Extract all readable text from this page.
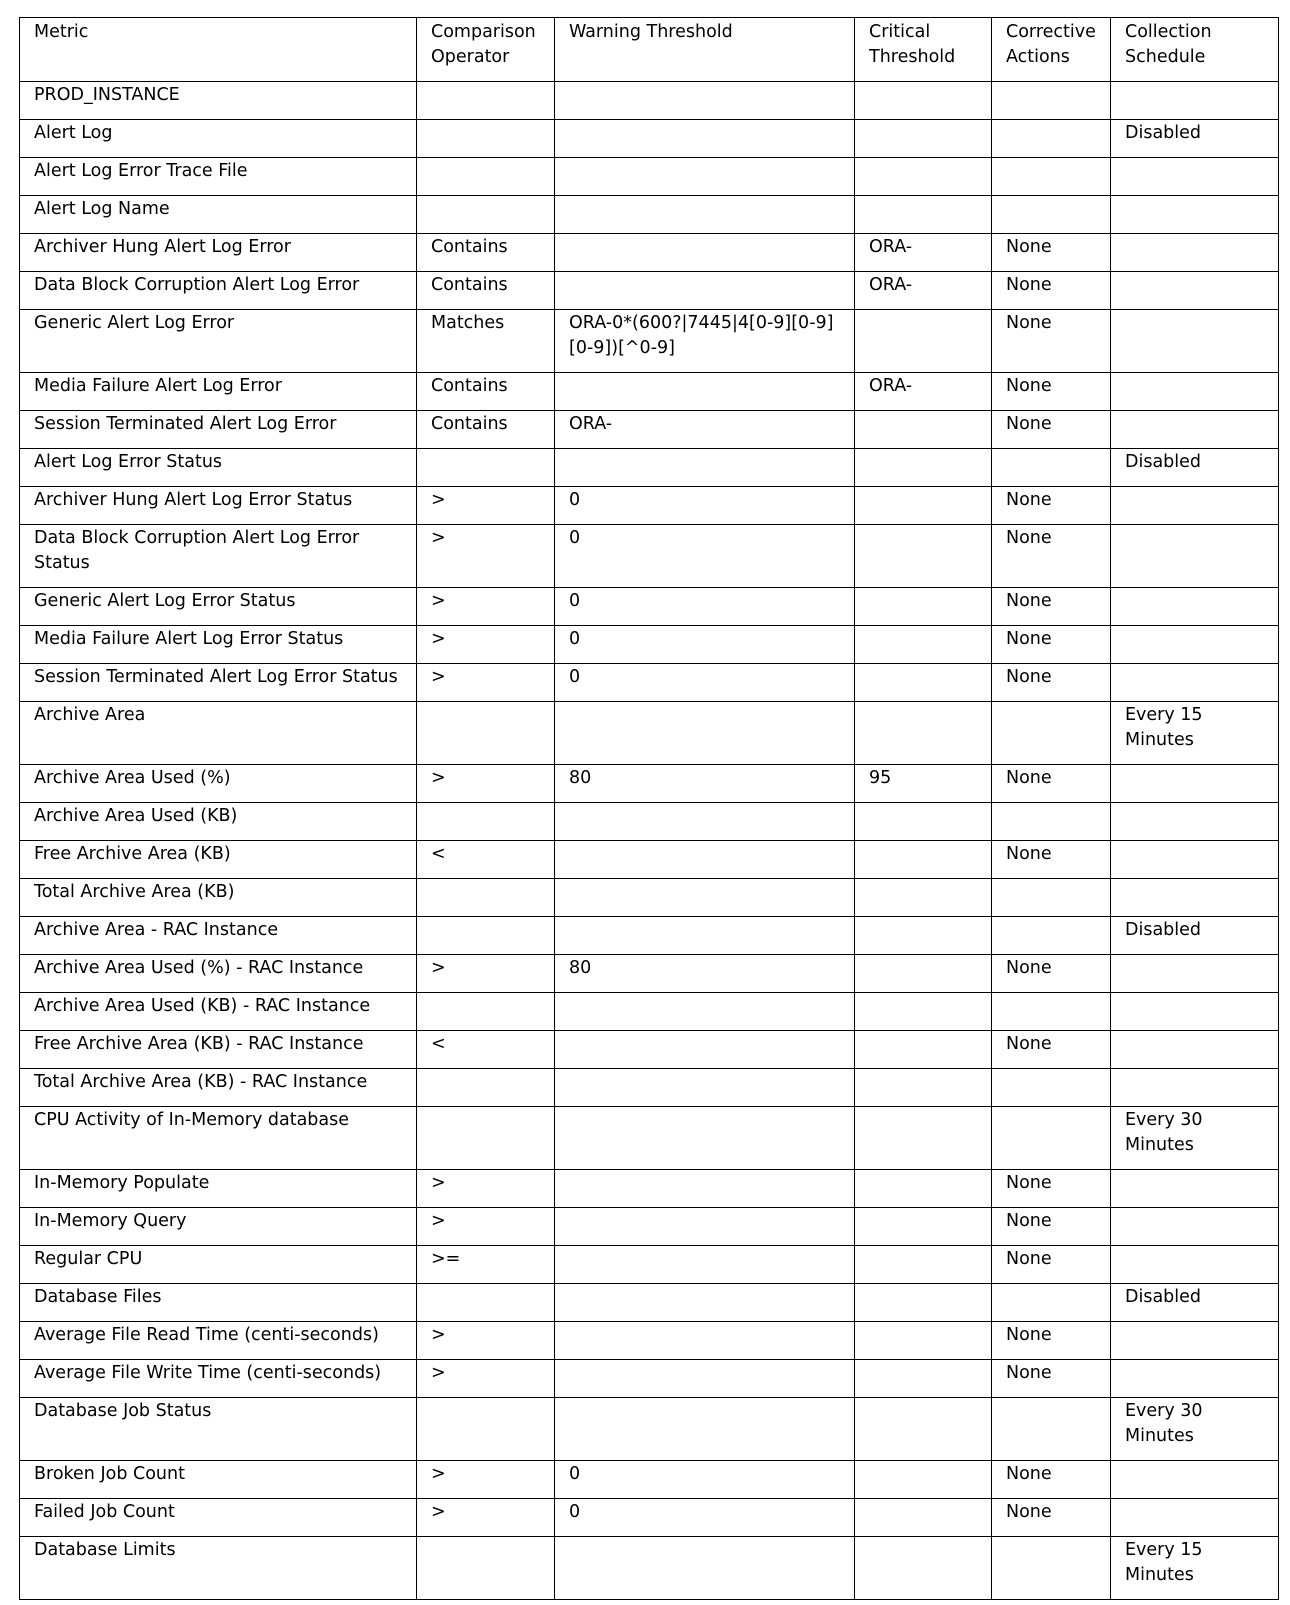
Metric	Comparison Operator	Warning Threshold	Critical Threshold	Corrective Actions	Collection Schedule
PROD_INSTANCE					
Alert Log					Disabled
Alert Log Error Trace File					
Alert Log Name					
Archiver Hung Alert Log Error	Contains		ORA-	None	
Data Block Corruption Alert Log Error	Contains		ORA-	None	
Generic Alert Log Error	Matches	ORA-0*(600?|7445|4[0-9][0-9][0-9])[^0-9]		None	
Media Failure Alert Log Error	Contains		ORA-	None	
Session Terminated Alert Log Error	Contains	ORA-		None	
Alert Log Error Status					Disabled
Archiver Hung Alert Log Error Status	>	0		None	
Data Block Corruption Alert Log Error Status	>	0		None	
Generic Alert Log Error Status	>	0		None	
Media Failure Alert Log Error Status	>	0		None	
Session Terminated Alert Log Error Status	>	0		None	
Archive Area					Every 15 Minutes
Archive Area Used (%)	>	80	95	None	
Archive Area Used (KB)					
Free Archive Area (KB)	<			None	
Total Archive Area (KB)					
Archive Area - RAC Instance					Disabled
Archive Area Used (%) - RAC Instance	>	80		None	
Archive Area Used (KB) - RAC Instance					
Free Archive Area (KB) - RAC Instance	<			None	
Total Archive Area (KB) - RAC Instance					
CPU Activity of In-Memory database					Every 30 Minutes
In-Memory Populate	>			None	
In-Memory Query	>			None	
Regular CPU	>=			None	
Database Files					Disabled
Average File Read Time (centi-seconds)	>			None	
Average File Write Time (centi-seconds)	>			None	
Database Job Status					Every 30 Minutes
Broken Job Count	>	0		None	
Failed Job Count	>	0		None	
Database Limits					Every 15 Minutes
